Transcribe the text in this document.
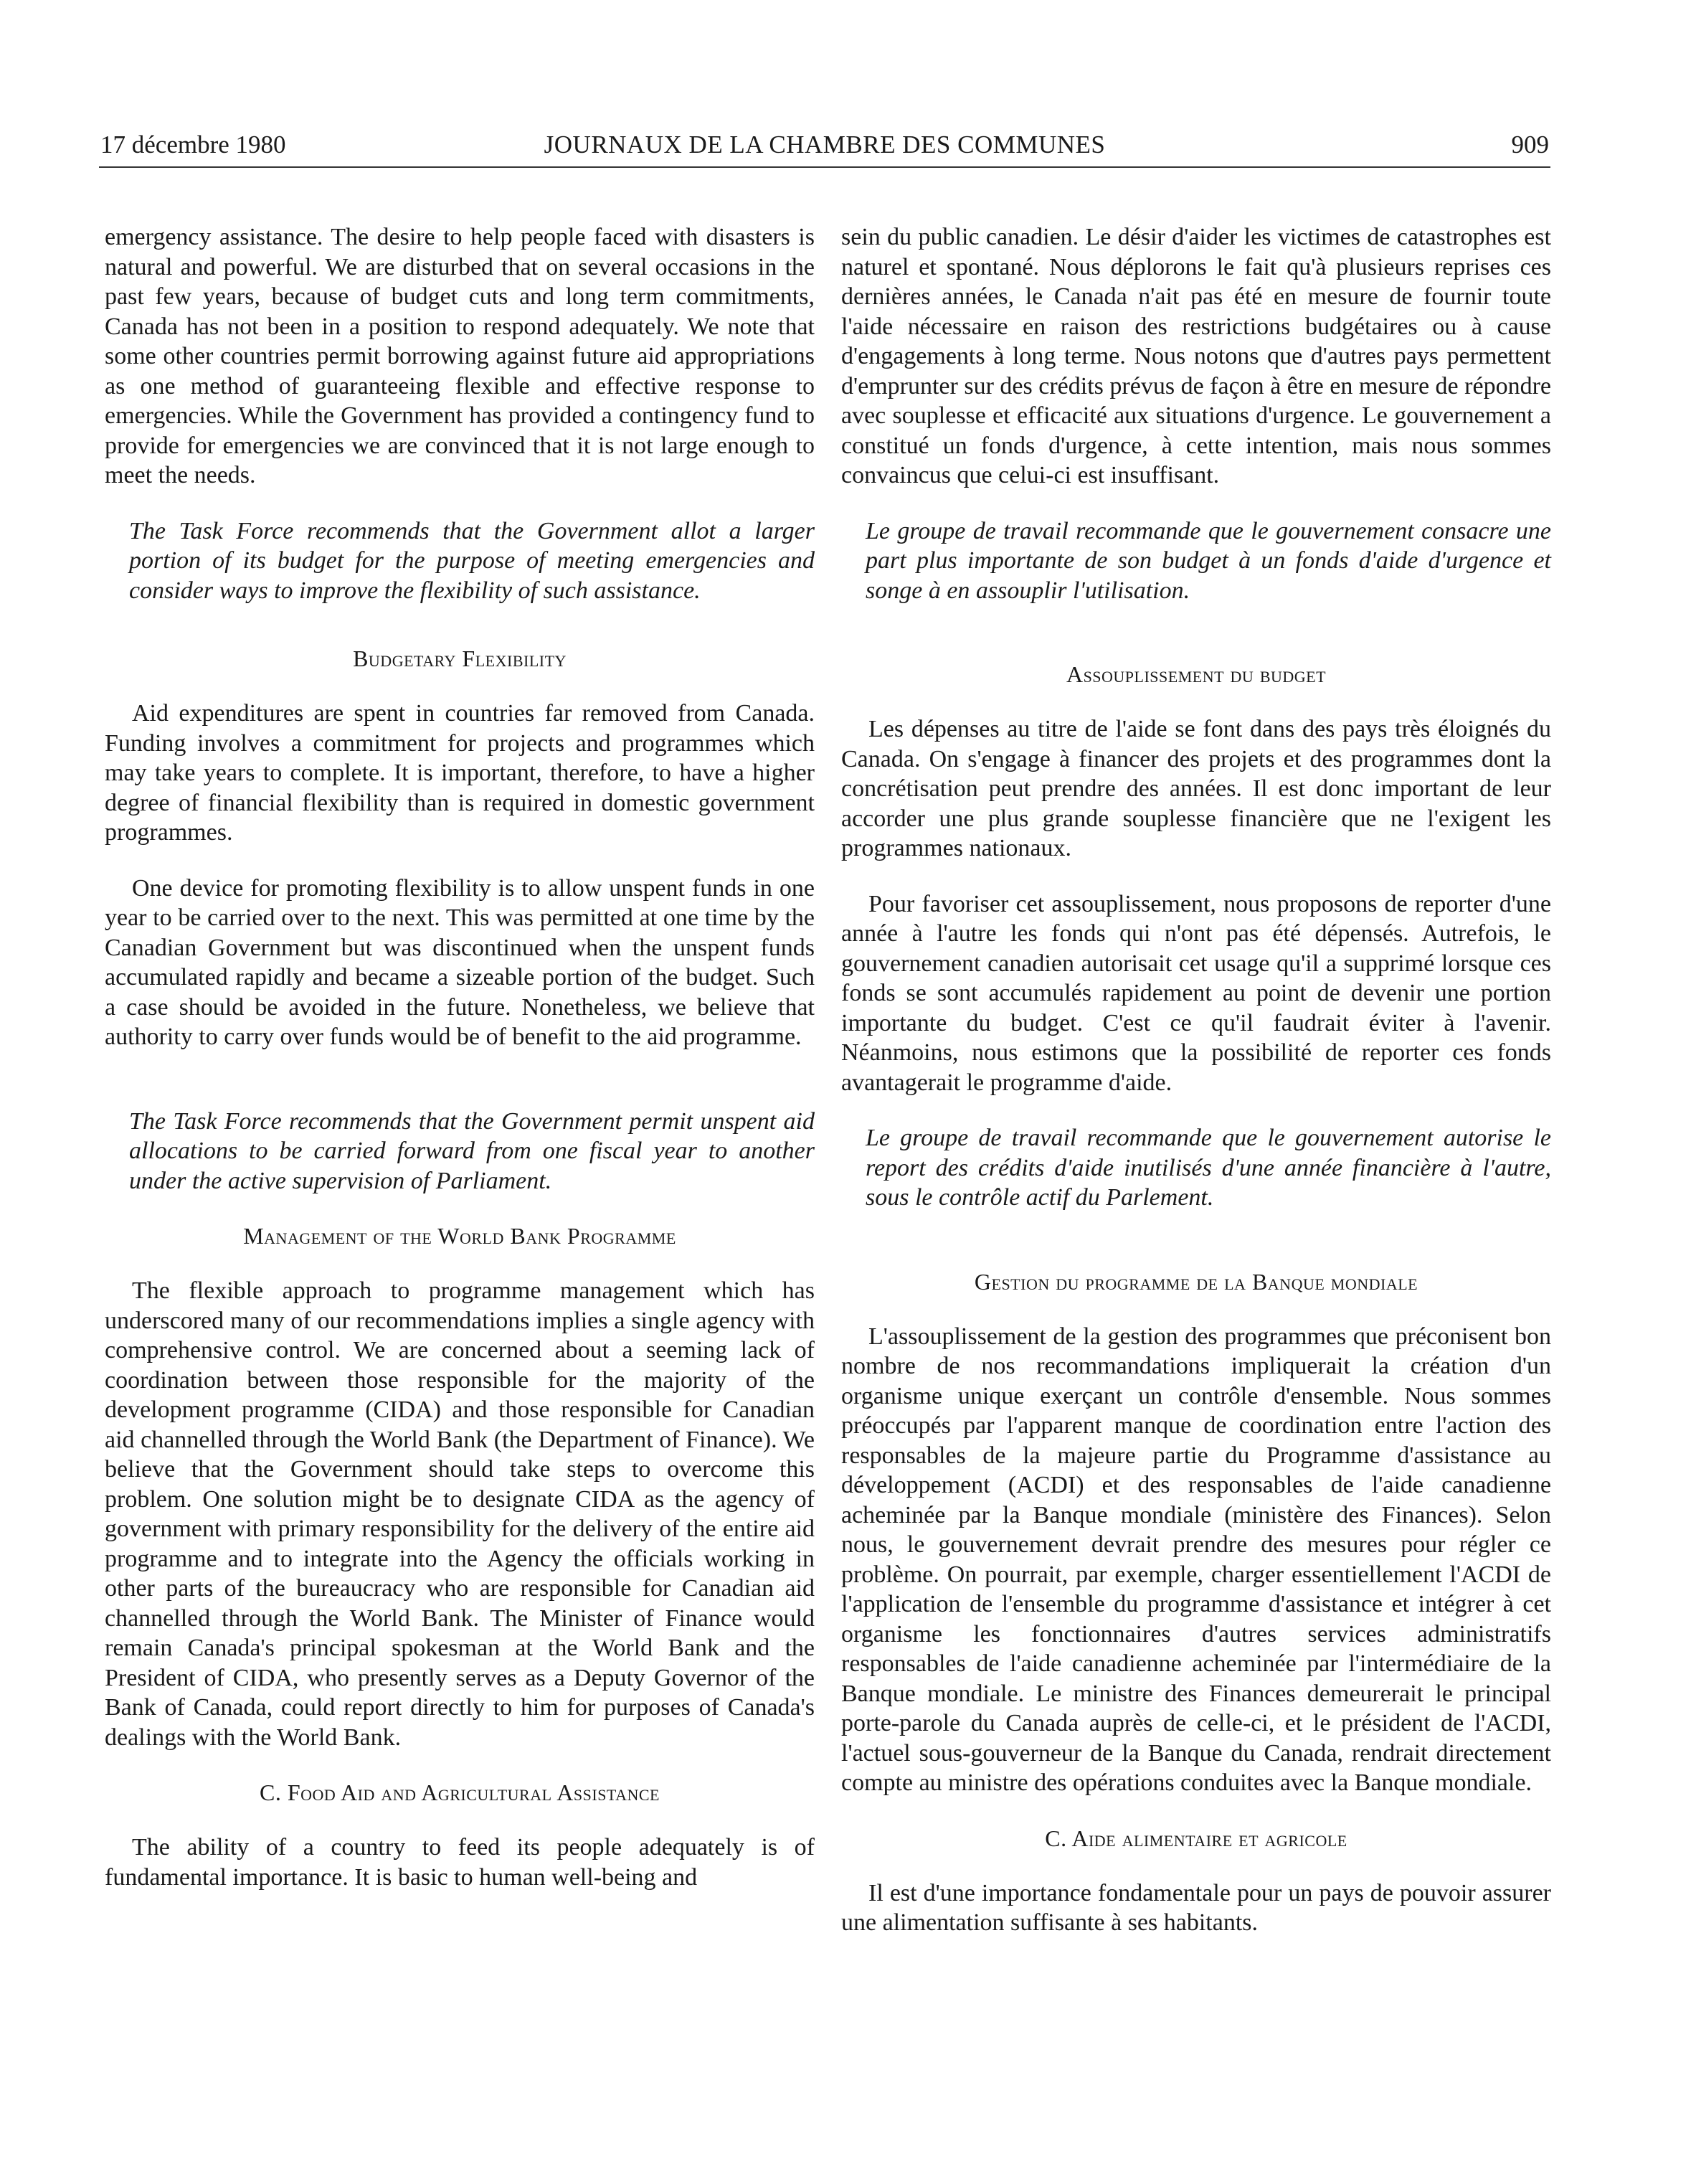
17 décembre 1980	JOURNAUX DE LA CHAMBRE DES COMMUNES	909

emergency assistance. The desire to help people faced with disasters is natural and powerful. We are disturbed that on several occasions in the past few years, because of budget cuts and long term commitments, Canada has not been in a position to respond adequately. We note that some other countries permit borrowing against future aid appropriations as one method of guaranteeing flexible and effective response to emergencies. While the Government has provided a contingency fund to provide for emergencies we are convinced that it is not large enough to meet the needs.

The Task Force recommends that the Government allot a larger portion of its budget for the purpose of meeting emergencies and consider ways to improve the flexibility of such assistance.

Budgetary Flexibility

Aid expenditures are spent in countries far removed from Canada. Funding involves a commitment for projects and programmes which may take years to complete. It is important, therefore, to have a higher degree of financial flexibility than is required in domestic government programmes.

One device for promoting flexibility is to allow unspent funds in one year to be carried over to the next. This was permitted at one time by the Canadian Government but was discontinued when the unspent funds accumulated rapidly and became a sizeable portion of the budget. Such a case should be avoided in the future. Nonetheless, we believe that authority to carry over funds would be of benefit to the aid programme.

The Task Force recommends that the Government permit unspent aid allocations to be carried forward from one fiscal year to another under the active supervision of Parliament.

Management of the World Bank Programme

The flexible approach to programme management which has underscored many of our recommendations implies a single agency with comprehensive control. We are concerned about a seeming lack of coordination between those responsible for the majority of the development programme (CIDA) and those responsible for Canadian aid channelled through the World Bank (the Department of Finance). We believe that the Government should take steps to overcome this problem. One solution might be to designate CIDA as the agency of government with primary responsibility for the delivery of the entire aid programme and to integrate into the Agency the officials working in other parts of the bureaucracy who are responsible for Canadian aid channelled through the World Bank. The Minister of Finance would remain Canada's principal spokesman at the World Bank and the President of CIDA, who presently serves as a Deputy Governor of the Bank of Canada, could report directly to him for purposes of Canada's dealings with the World Bank.

C. Food Aid and Agricultural Assistance

The ability of a country to feed its people adequately is of fundamental importance. It is basic to human well-being and

sein du public canadien. Le désir d'aider les victimes de catastrophes est naturel et spontané. Nous déplorons le fait qu'à plusieurs reprises ces dernières années, le Canada n'ait pas été en mesure de fournir toute l'aide nécessaire en raison des restrictions budgétaires ou à cause d'engagements à long terme. Nous notons que d'autres pays permettent d'emprunter sur des crédits prévus de façon à être en mesure de répondre avec souplesse et efficacité aux situations d'urgence. Le gouvernement a constitué un fonds d'urgence, à cette intention, mais nous sommes convaincus que celui-ci est insuffisant.

Le groupe de travail recommande que le gouvernement consacre une part plus importante de son budget à un fonds d'aide d'urgence et songe à en assouplir l'utilisation.

Assouplissement du budget

Les dépenses au titre de l'aide se font dans des pays très éloignés du Canada. On s'engage à financer des projets et des programmes dont la concrétisation peut prendre des années. Il est donc important de leur accorder une plus grande souplesse financière que ne l'exigent les programmes nationaux.

Pour favoriser cet assouplissement, nous proposons de reporter d'une année à l'autre les fonds qui n'ont pas été dépensés. Autrefois, le gouvernement canadien autorisait cet usage qu'il a supprimé lorsque ces fonds se sont accumulés rapidement au point de devenir une portion importante du budget. C'est ce qu'il faudrait éviter à l'avenir. Néanmoins, nous estimons que la possibilité de reporter ces fonds avantagerait le programme d'aide.

Le groupe de travail recommande que le gouvernement autorise le report des crédits d'aide inutilisés d'une année financière à l'autre, sous le contrôle actif du Parlement.

Gestion du programme de la Banque mondiale

L'assouplissement de la gestion des programmes que préconisent bon nombre de nos recommandations impliquerait la création d'un organisme unique exerçant un contrôle d'ensemble. Nous sommes préoccupés par l'apparent manque de coordination entre l'action des responsables de la majeure partie du Programme d'assistance au développement (ACDI) et des responsables de l'aide canadienne acheminée par la Banque mondiale (ministère des Finances). Selon nous, le gouvernement devrait prendre des mesures pour régler ce problème. On pourrait, par exemple, charger essentiellement l'ACDI de l'application de l'ensemble du programme d'assistance et intégrer à cet organisme les fonctionnaires d'autres services administratifs responsables de l'aide canadienne acheminée par l'intermédiaire de la Banque mondiale. Le ministre des Finances demeurerait le principal porte-parole du Canada auprès de celle-ci, et le président de l'ACDI, l'actuel sous-gouverneur de la Banque du Canada, rendrait directement compte au ministre des opérations conduites avec la Banque mondiale.

C. Aide alimentaire et agricole

Il est d'une importance fondamentale pour un pays de pouvoir assurer une alimentation suffisante à ses habitants.
